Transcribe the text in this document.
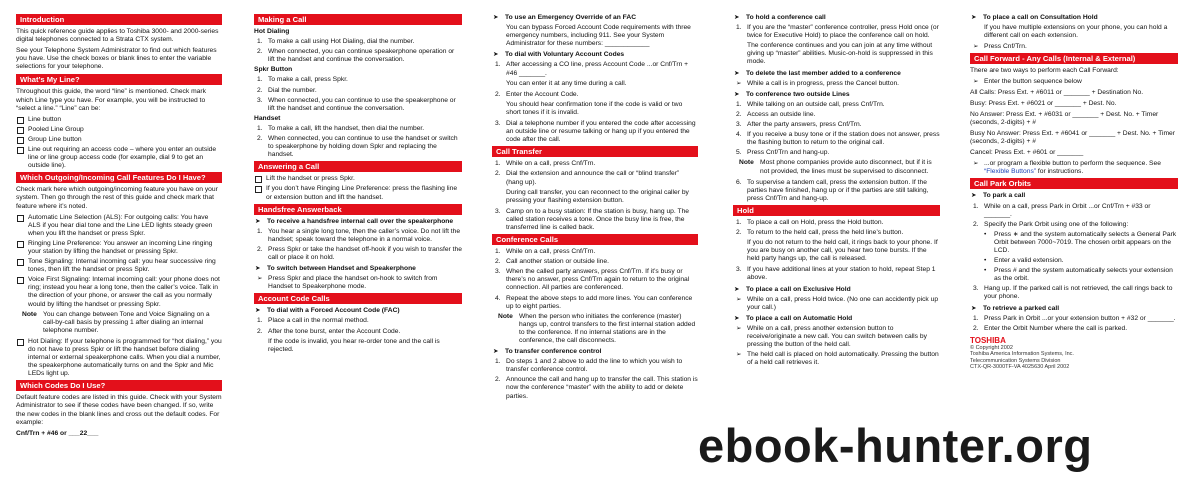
Introduction

This quick reference guide applies to Toshiba 3000- and 2000-series digital telephones connected to a Strata CTX system.

See your Telephone System Administrator to find out which features you have. Use the check boxes or blank lines to enter the variable selections for your telephone.

What’s My Line?

Throughout this guide, the word “line” is mentioned. Check mark which Line type you have. For example, you will be instructed to “select a line.” “Line” can be:

Line button
Pooled Line Group
Group Line button
Line out requiring an access code – where you enter an outside line or line group access code (for example, dial 9 to get an outside line).
Which Outgoing/Incoming Call Features Do I Have?

Check mark here which outgoing/incoming feature you have on your system. Then go through the rest of this guide and check mark that feature where it’s noted.

Automatic Line Selection (ALS): For outgoing calls: You have ALS if you hear dial tone and the Line LED lights steady green when you lift the handset or press Spkr.
Ringing Line Preference: You answer an incoming Line ringing your station by lifting the handset or pressing Spkr.
Tone Signaling: Internal incoming call: you hear successive ring tones, then lift the handset or press Spkr.
Voice First Signaling: Internal incoming call: your phone does not ring; instead you hear a long tone, then the caller’s voice. Talk in the direction of your phone, or answer the call as you normally would by lifting the handset or pressing Spkr.
Note You can change between Tone and Voice Signaling on a call-by-call basis by pressing 1 after dialing an internal telephone number.
Hot Dialing: If your telephone is programmed for “hot dialing,” you do not have to press Spkr or lift the handset before dialing internal or external speakerphone calls. When you dial a number, the speakerphone automatically turns on and the Spkr and Mic LEDs light up.
Which Codes Do I Use?

Default feature codes are listed in this guide. Check with your System Administrator to see if these codes have been changed. If so, write the new codes in the blank lines and cross out the default codes. For example:

Cnf/Trn + #46 or ___22___

Making a Call
Hot Dialing
1. To make a call using Hot Dialing, dial the number.
2. When connected, you can continue speakerphone operation or lift the handset and continue the conversation.
Spkr Button
1. To make a call, press Spkr.
2. Dial the number.
3. When connected, you can continue to use the speakerphone or lift the handset and continue the conversation.
Handset
1. To make a call, lift the handset, then dial the number.
2. When connected, you can continue to use the handset or switch to speakerphone by holding down Spkr and replacing the handset.
Answering a Call
Lift the handset or press Spkr.
If you don’t have Ringing Line Preference: press the flashing line or extension button and lift the handset.
Handsfree Answerback
➤ To receive a handsfree internal call over the speakerphone
1. You hear a single long tone, then the caller’s voice. Do not lift the handset; speak toward the telephone in a normal voice.
2. Press Spkr or take the handset off-hook if you wish to transfer the call or place it on hold.
➤ To switch between Handset and Speakerphone
➢ Press Spkr and place the handset on-hook to switch from Handset to Speakerphone mode.
Account Code Calls
➤ To dial with a Forced Account Code (FAC)
1. Place a call in the normal method.
2. After the tone burst, enter the Account Code.
If the code is invalid, you hear re-order tone and the call is rejected.
➤ To use an Emergency Override of an FAC
You can bypass Forced Account Code requirements with three emergency numbers, including 911. See your System Administrator for these numbers: ____________
➤ To dial with Voluntary Account Codes
1. After accessing a CO line, press Account Code ...or Cnf/Trn + #46 _______.
You can enter it at any time during a call.
2. Enter the Account Code.
You should hear confirmation tone if the code is valid or two short tones if it is invalid.
3. Dial a telephone number if you entered the code after accessing an outside line or resume talking or hang up if you entered the code after the call.
Call Transfer
1. While on a call, press Cnf/Trn.
2. Dial the extension and announce the call or “blind transfer” (hang up).
During call transfer, you can reconnect to the original caller by pressing your flashing extension button.
3. Camp on to a busy station: If the station is busy, hang up. The called station receives a tone. Once the busy line is free, the transferred line is called back.
Conference Calls
1. While on a call, press Cnf/Trn.
2. Call another station or outside line.
3. When the called party answers, press Cnf/Trn. If it’s busy or there’s no answer, press Cnf/Trn again to return to the original connection. All parties are conferenced.
4. Repeat the above steps to add more lines. You can conference up to eight parties.
Note When the person who initiates the conference (master) hangs up, control transfers to the first internal station added to the conference. If no internal stations are in the conference, the call disconnects.
➤ To transfer conference control
1. Do steps 1 and 2 above to add the line to which you wish to transfer conference control.
2. Announce the call and hang up to transfer the call. This station is now the conference “master” with the ability to add or delete parties.
➤ To hold a conference call
1. If you are the “master” conference controller, press Hold once (or twice for Executive Hold) to place the conference call on hold.
The conference continues and you can join at any time without giving up “master” abilities. Music-on-hold is suppressed in this mode.
➤ To delete the last member added to a conference
➢ While a call is in progress, press the Cancel button.
➤ To conference two outside Lines
1. While talking on an outside call, press Cnf/Trn.
2. Access an outside line.
3. After the party answers, press Cnf/Trn.
4. If you receive a busy tone or if the station does not answer, press the flashing button to return to the original call.
5. Press Cnf/Trn and hang-up.
Note Most phone companies provide auto disconnect, but if it is not provided, the lines must be supervised to disconnect.
6. To supervise a tandem call, press the extension button. If the parties have finished, hang up or if the parties are still talking, press Cnf/Trn and hang-up.
Hold
1. To place a call on Hold, press the Hold button.
2. To return to the held call, press the held line’s button.
If you do not return to the held call, it rings back to your phone. If you are busy on another call, you hear two tone bursts. If the held party hangs up, the call is released.
3. If you have additional lines at your station to hold, repeat Step 1 above.
➤ To place a call on Exclusive Hold
➢ While on a call, press Hold twice. (No one can accidently pick up your call.)
➤ To place a call on Automatic Hold
➢ While on a call, press another extension button to receive/originate a new call. You can switch between calls by pressing the button of the held call.
➢ The held call is placed on hold automatically. Pressing the button of a held call retrieves it.
➤ To place a call on Consultation Hold
If you have multiple extensions on your phone, you can hold a different call on each extension.
➢ Press Cnf/Trn.
Call Forward - Any Calls (Internal & External)

There are two ways to perform each Call Forward:

➢ Enter the button sequence below

All Calls: Press Ext. + #6011 or _______ + Destination No.

Busy: Press Ext. + #6021 or _______ + Dest. No.

No Answer: Press Ext. + #6031 or _______ + Dest. No. + Timer (seconds, 2-digits) + #

Busy No Answer: Press Ext. + #6041 or _______ + Dest. No. + Timer (seconds, 2-digits) + #

Cancel: Press Ext. + #601 or _______

➢ ...or program a flexible button to perform the sequence. See “Flexible Buttons” for instructions.
Call Park Orbits
➤ To park a call
1. While on a call, press Park in Orbit ...or Cnf/Trn + #33 or _______.
2. Specify the Park Orbit using one of the following:
• Press ∗ and the system automatically selects a General Park Orbit between 7000~7019. The chosen orbit appears on the LCD.
• Enter a valid extension.
• Press # and the system automatically selects your extension as the orbit.
3. Hang up. If the parked call is not retrieved, the call rings back to your phone.
➤ To retrieve a parked call
1. Press Park in Orbit ...or your extension button + #32 or _______.
2. Enter the Orbit Number where the call is parked.
TOSHIBA
© Copyright 2002
Toshiba America Information Systems, Inc.
Telecommunication Systems Division
CTX-QR-3000TF-VA 4025630 April 2002
ebook-hunter.org
